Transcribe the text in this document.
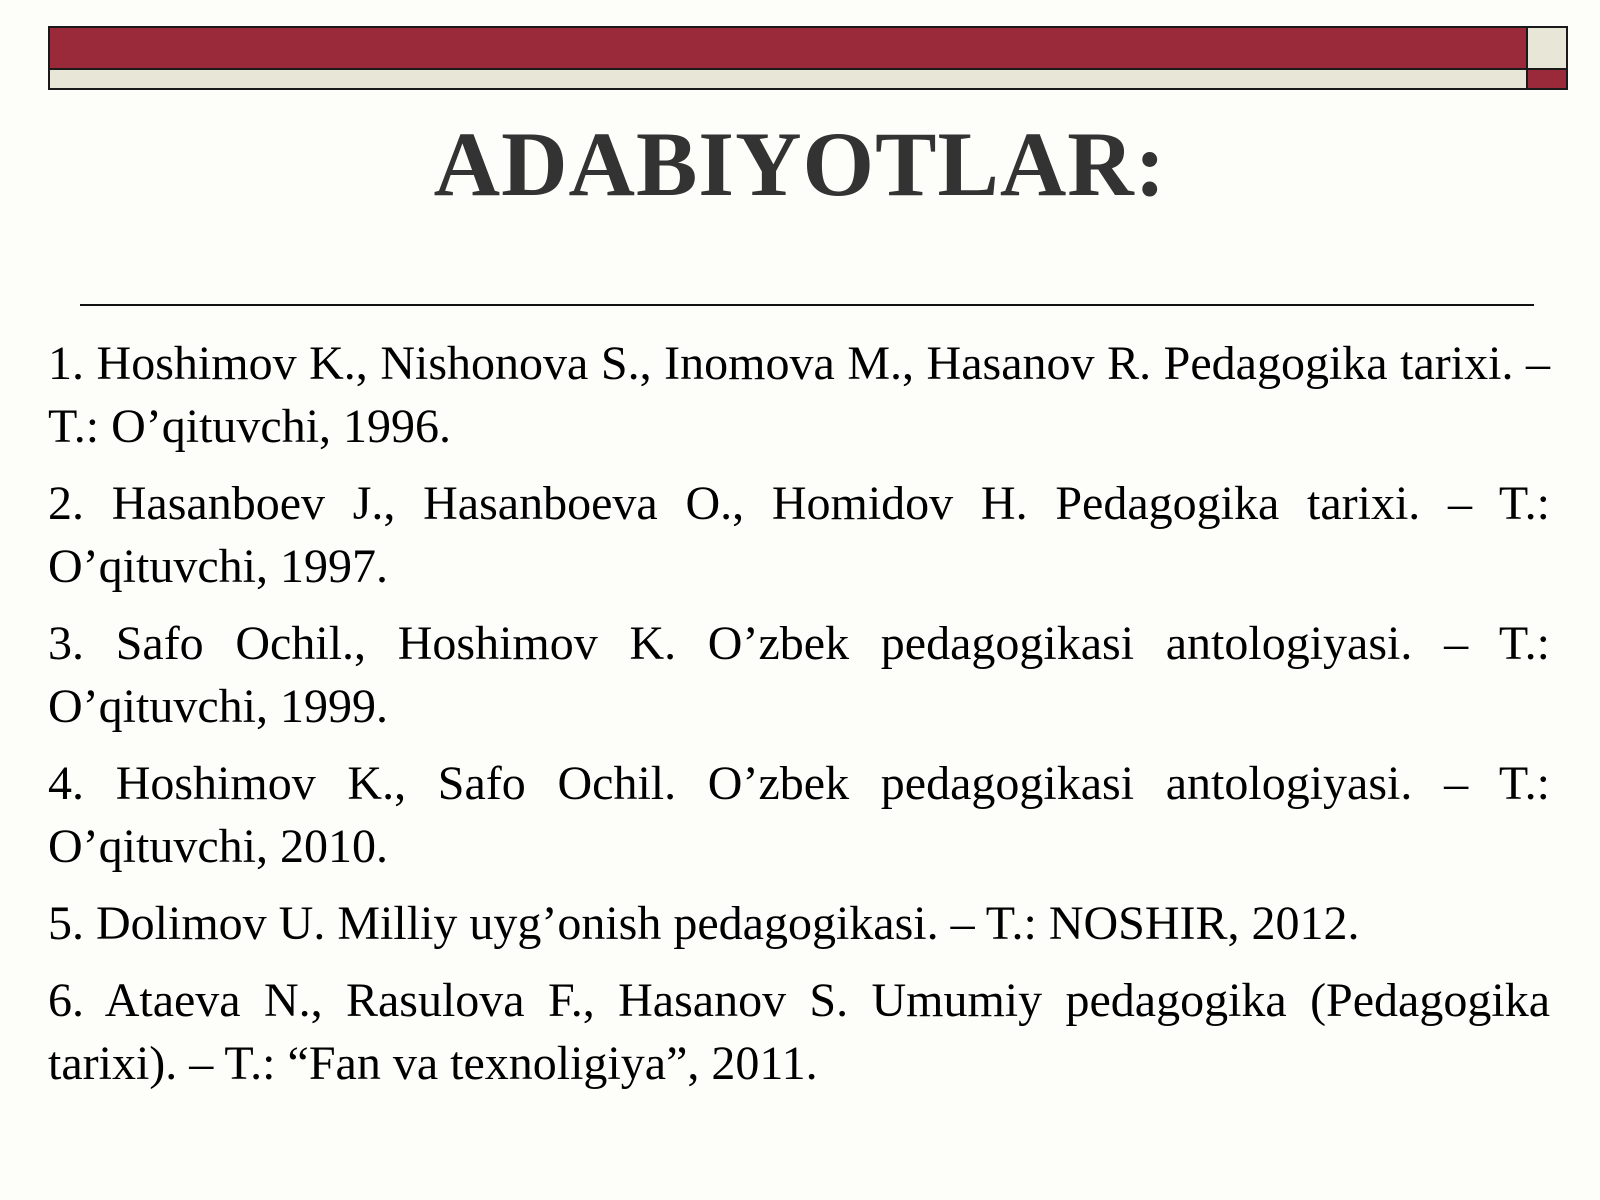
ADABIYOTLAR:
1. Hoshimov K., Nishonova S., Inomova M., Hasanov R. Pedagogika tarixi. – T.: O’qituvchi, 1996.
2. Hasanboev J., Hasanboeva O., Homidov H. Pedagogika tarixi. – T.: O’qituvchi, 1997.
3. Safo Ochil., Hoshimov K. O’zbek pedagogikasi antologiyasi. – T.: O’qituvchi, 1999.
4. Hoshimov K., Safo Ochil. O’zbek pedagogikasi antologiyasi. – T.: O’qituvchi, 2010.
5. Dolimov U. Milliy uyg’onish pedagogikasi. – T.: NOSHIR, 2012.
6. Ataeva N., Rasulova F., Hasanov S. Umumiy pedagogika (Pedagogika tarixi). – T.: “Fan va texnoligiya”, 2011.
